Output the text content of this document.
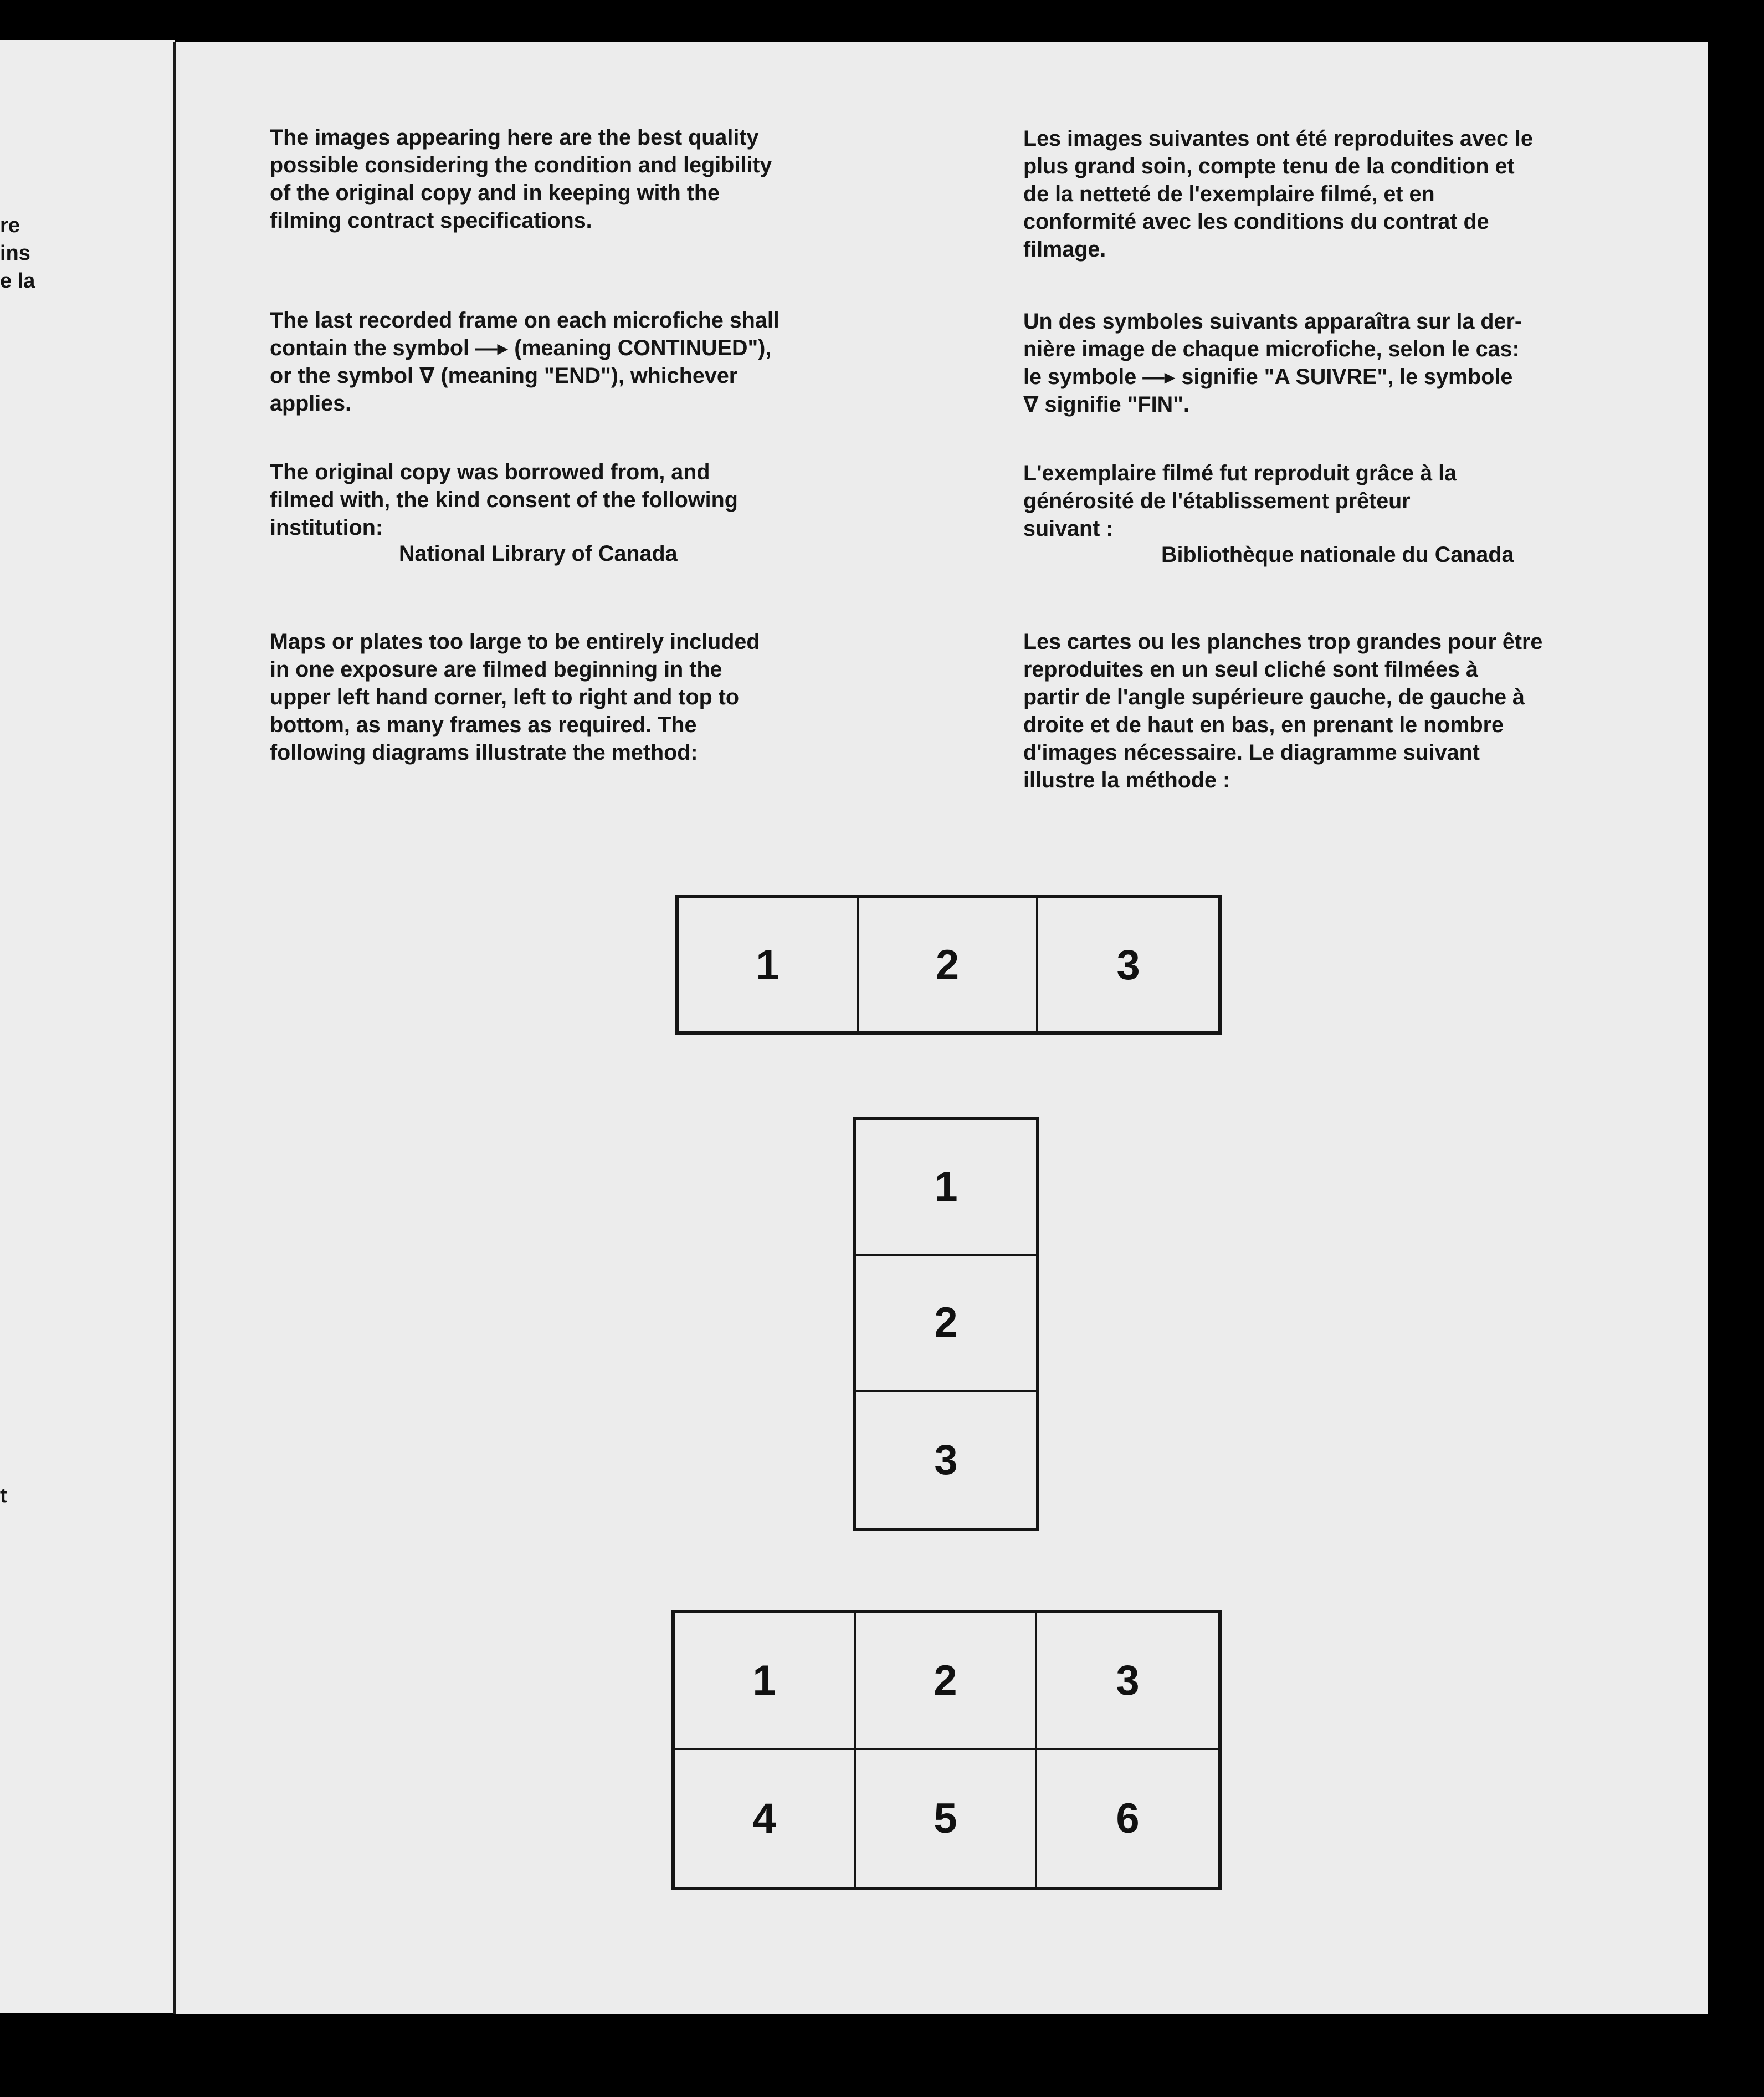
re
ins
e la
t
The images appearing here are the best quality
possible considering the condition and legibility
of the original copy and in keeping with the
filming contract specifications.
The last recorded frame on each microfiche shall
contain the symbol —▸ (meaning CONTINUED"),
or the symbol ∇ (meaning "END"), whichever
applies.
The original copy was borrowed from, and
filmed with, the kind consent of the following
institution:
Maps or plates too large to be entirely included
in one exposure are filmed beginning in the
upper left hand corner, left to right and top to
bottom, as many frames as required. The
following diagrams illustrate the method:
National Library of Canada
Les images suivantes ont été reproduites avec le
plus grand soin, compte tenu de la condition et
de la netteté de l'exemplaire filmé, et en
conformité avec les conditions du contrat de
filmage.
Un des symboles suivants apparaîtra sur la der-
nière image de chaque microfiche, selon le cas:
le symbole —▸ signifie "A SUIVRE", le symbole
∇ signifie "FIN".
L'exemplaire filmé fut reproduit grâce à la
générosité de l'établissement prêteur
suivant :
Les cartes ou les planches trop grandes pour être
reproduites en un seul cliché sont filmées à
partir de l'angle supérieure gauche, de gauche à
droite et de haut en bas, en prenant le nombre
d'images nécessaire. Le diagramme suivant
illustre la méthode :
Bibliothèque nationale du Canada
1	2	3
1
2
3
1	2	3
4	5	6
